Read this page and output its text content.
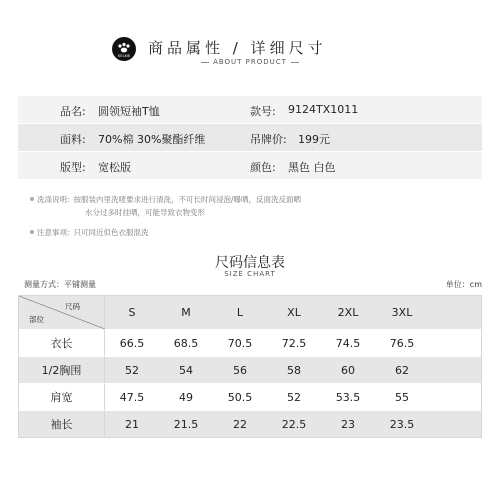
KELME 商品属性 / 详细尺寸
ABOUT PRODUCT
品名: 圆领短袖T恤	款号: 9124TX1011
面料: 70%棉 30%聚酯纤维	吊牌价: 199元
版型: 宽松版	颜色: 黑色 白色
洗涤说明: 按服装内里洗唛要求进行清洗，不可长时间浸泡/曝晒，反面洗反面晒
水分过多时挂晒，可能导致衣物变形
注意事项: 只可同近似色衣服混洗
尺码信息表
SIZE CHART
测量方式：平铺测量	单位：cm
部位
尺码	S	M	L	XL	2XL	3XL
衣长	66.5	68.5	70.5	72.5	74.5	76.5
1/2胸围	52	54	56	58	60	62
肩宽	47.5	49	50.5	52	53.5	55
袖长	21	21.5	22	22.5	23	23.5
